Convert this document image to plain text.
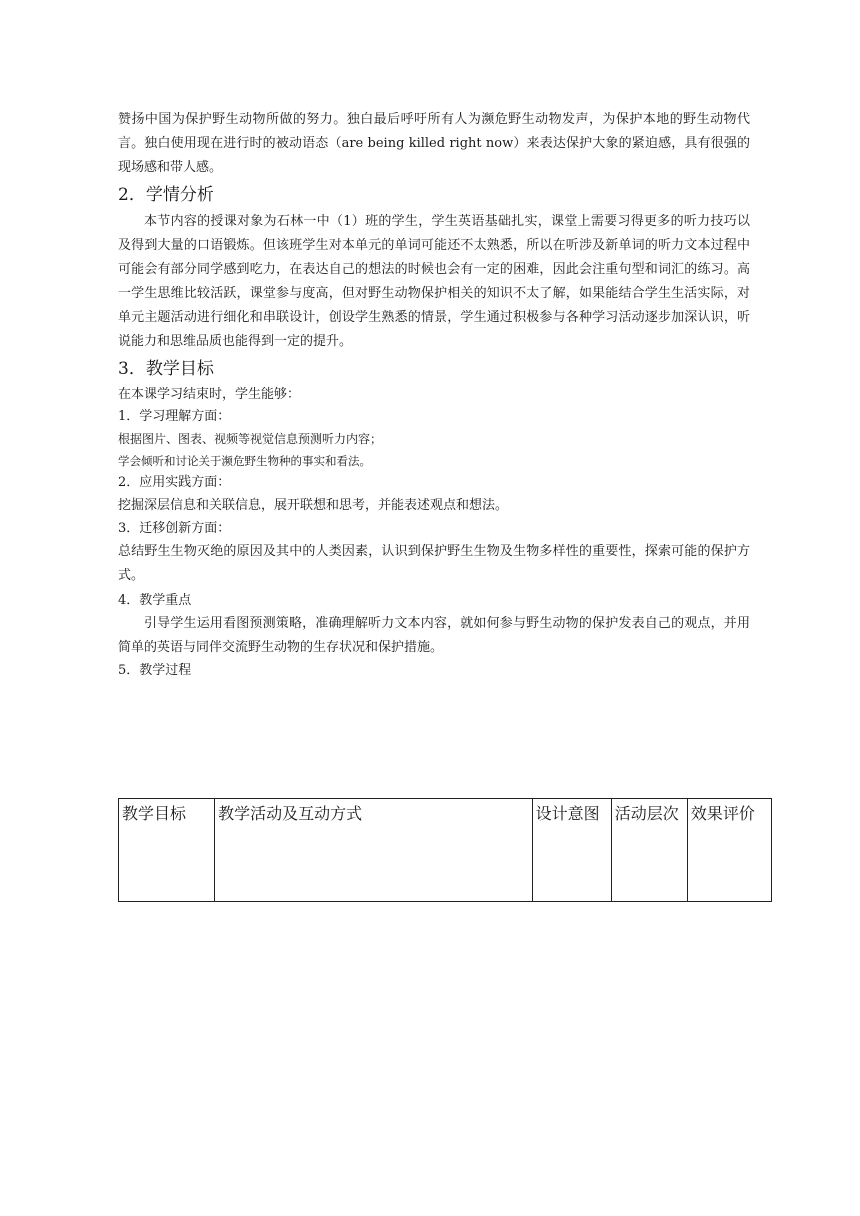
赞扬中国为保护野生动物所做的努力。独白最后呼吁所有人为濒危野生动物发声，为保护本地的野生动物代言。独白使用现在进行时的被动语态（are being killed right now）来表达保护大象的紧迫感，具有很强的现场感和带人感。

2．学情分析

本节内容的授课对象为石林一中（1）班的学生，学生英语基础扎实，课堂上需要习得更多的听力技巧以及得到大量的口语锻炼。但该班学生对本单元的单词可能还不太熟悉，所以在听涉及新单词的听力文本过程中可能会有部分同学感到吃力，在表达自己的想法的时候也会有一定的困难，因此会注重句型和词汇的练习。高一学生思维比较活跃，课堂参与度高，但对野生动物保护相关的知识不太了解，如果能结合学生生活实际，对单元主题活动进行细化和串联设计，创设学生熟悉的情景，学生通过积极参与各种学习活动逐步加深认识，听说能力和思维品质也能得到一定的提升。

3．教学目标

在本课学习结束时，学生能够：

1．学习理解方面：

根据图片、图表、视频等视觉信息预测听力内容；

学会倾听和讨论关于濒危野生物种的事实和看法。

2．应用实践方面：

挖掘深层信息和关联信息，展开联想和思考，并能表述观点和想法。

3．迁移创新方面：

总结野生生物灭绝的原因及其中的人类因素，认识到保护野生生物及生物多样性的重要性，探索可能的保护方式。

4．教学重点

引导学生运用看图预测策略，准确理解听力文本内容，就如何参与野生动物的保护发表自己的观点，并用简单的英语与同伴交流野生动物的生存状况和保护措施。

5．教学过程

教学目标	教学活动及互动方式	设计意图	活动层次	效果评价
